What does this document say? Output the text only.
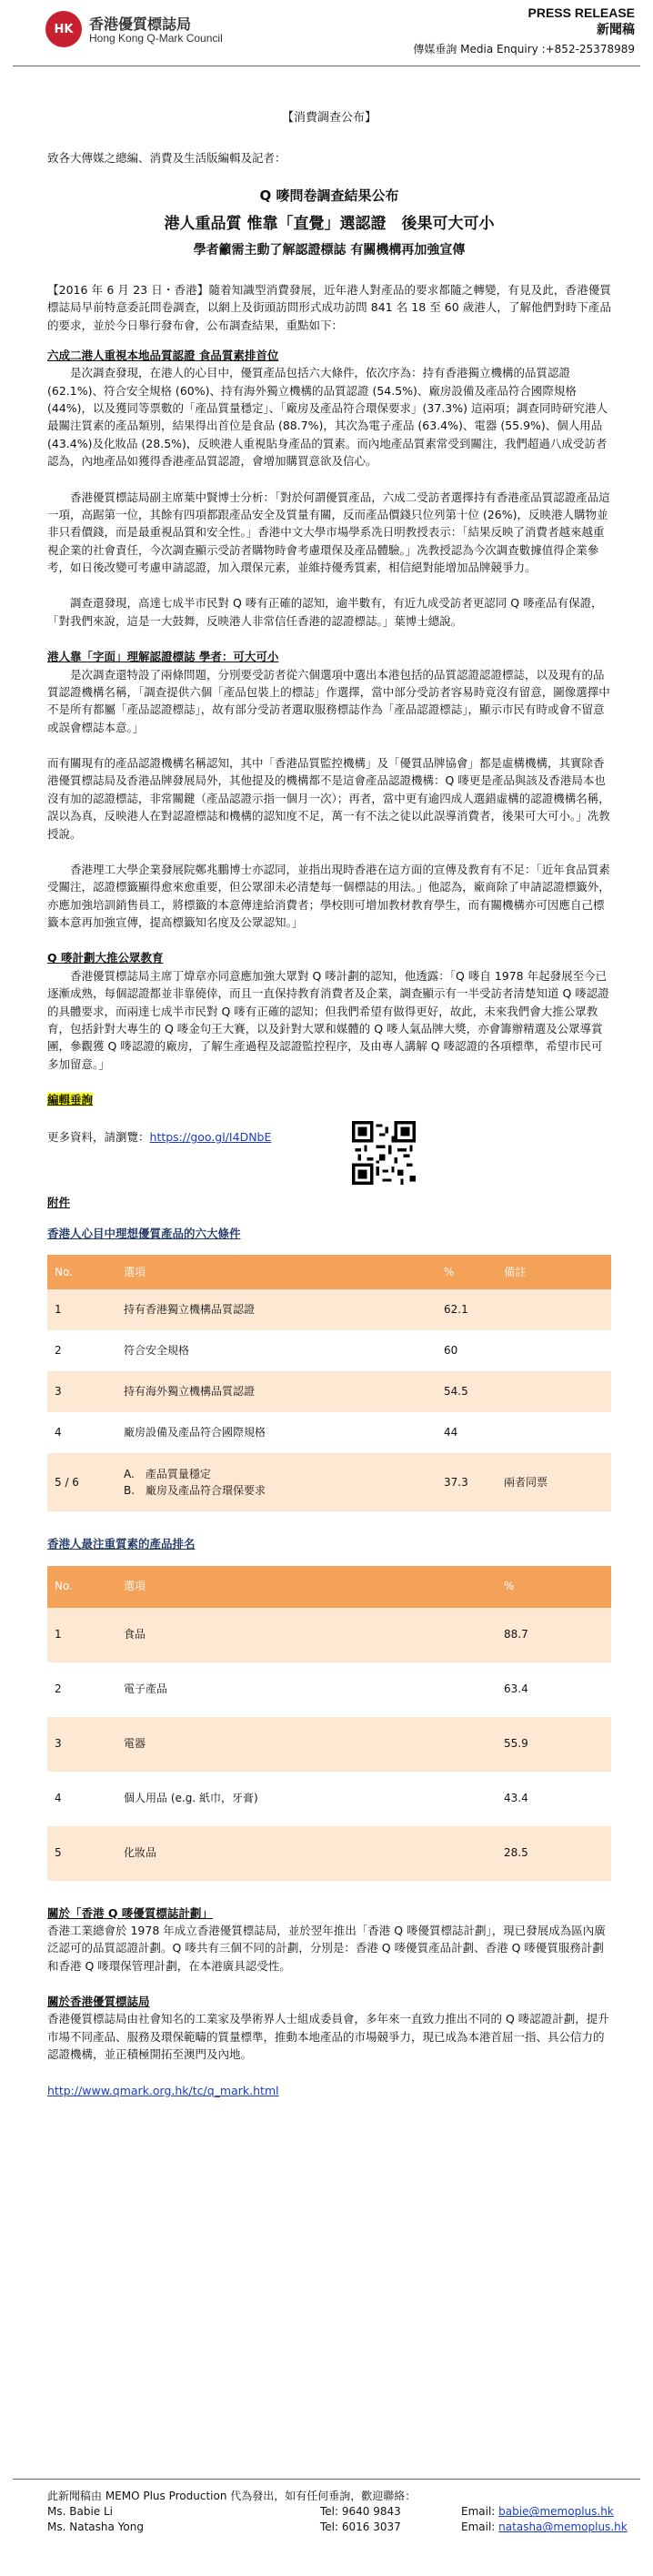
HK	香港優質標誌局
Hong Kong Q-Mark Council
PRESS RELEASE
新聞稿
傳媒垂詢 Media Enquiry :+852-25378989
【消費調查公布】
致各大傳媒之總編、消費及生活版編輯及記者：
Q 嘜問卷調查結果公布
港人重品質 惟靠「直覺」選認證　後果可大可小
學者籲需主動了解認證標誌 有關機構再加強宣傳

【2016 年 6 月 23 日・香港】隨着知識型消費發展，近年港人對產品的要求都隨之轉變，有見及此，香港優質標誌局早前特意委託問卷調查，以網上及街頭訪問形式成功訪問 841 名 18 至 60 歲港人，了解他們對時下產品的要求，並於今日舉行發布會，公布調查結果，重點如下：

六成二港人重視本地品質認證 食品質素排首位

是次調查發現，在港人的心目中，優質產品包括六大條件，依次序為：持有香港獨立機構的品質認證 (62.1%)、符合安全規格 (60%)、持有海外獨立機構的品質認證 (54.5%)、廠房設備及產品符合國際規格 (44%)，以及獲同等票數的「產品質量穩定」、「廠房及產品符合環保要求」(37.3%) 這兩項；調查同時研究港人最關注質素的產品類別，結果得出首位是食品 (88.7%)，其次為電子產品 (63.4%)、電器 (55.9%)、個人用品 (43.4%)及化妝品 (28.5%)，反映港人重視貼身產品的質素。而內地產品質素常受到關注，我們超過八成受訪者認為，內地產品如獲得香港產品質認證，會增加購買意欲及信心。

香港優質標誌局副主席葉中賢博士分析：「對於何謂優質產品，六成二受訪者選擇持有香港產品質認證產品這一項，高踞第一位，其餘有四項都跟產品安全及質量有關，反而產品價錢只位列第十位 (26%)，反映港人購物並非只看價錢，而是最重視品質和安全性。」香港中文大學市場學系冼日明教授表示：「結果反映了消費者越來越重視企業的社會責任，今次調查顯示受訪者購物時會考慮環保及產品體驗。」冼教授認為今次調查數據值得企業參考，如日後改變可考慮申請認證，加入環保元素，並維持優秀質素，相信絕對能增加品牌競爭力。

調查還發現，高達七成半市民對 Q 嘜有正確的認知，逾半數有，有近九成受訪者更認同 Q 嘜產品有保證，「對我們來說，這是一大鼓舞，反映港人非常信任香港的認證標誌。」葉博士總說。

港人靠「字面」理解認證標誌 學者：可大可小

是次調查還特設了兩條問題，分別要受訪者從六個選項中選出本港包括的品質認證認證標誌，以及現有的品質認證機構名稱，「調查提供六個「產品包裝上的標誌」作選擇，當中部分受訪者容易時竟沒有留意，圖像選擇中不是所有都屬「產品認證標誌」，故有部分受訪者選取服務標誌作為「產品認證標誌」，顯示市民有時或會不留意或誤會標誌本意。」

而有關現有的產品認證機構名稱認知，其中「香港品質監控機構」及「優質品牌協會」都是虛構機構，其實除香港優質標誌局及香港品牌發展局外，其他提及的機構都不是這會產品認證機構：Q 嘜更是產品與該及香港局本也沒有加的認證標誌，非常關鍵（產品認證示指一個月一次）；再者，當中更有逾四成人選錯虛構的認證機構名稱，誤以為真，反映港人在對認證標誌和機構的認知度不足，萬一有不法之徒以此誤導消費者，後果可大可小。」冼教授說。

香港理工大學企業發展院鄭兆鵬博士亦認同，並指出現時香港在這方面的宣傳及教育有不足：「近年食品質素受關注，認證標籤顯得愈來愈重要，但公眾卻未必清楚每一個標誌的用法。」他認為，廠商除了申請認證標籤外，亦應加強培訓銷售員工，將標籤的本意傳達給消費者；學校則可增加教材教育學生，而有關機構亦可因應自己標籤本意再加強宣傳，提高標籤知名度及公眾認知。」

Q 嘜計劃大推公眾教育

香港優質標誌局主席丁煒章亦同意應加強大眾對 Q 嘜計劃的認知，他透露：「Q 嘜自 1978 年起發展至今已逐漸成熟，每個認證都並非靠僥倖，而且一直保持教育消費者及企業，調查顯示有一半受訪者清楚知道 Q 嘜認證的具體要求，而兩達七成半市民對 Q 嘜有正確的認知；但我們希望有做得更好，故此，未來我們會大推公眾教育，包括針對大專生的 Q 嘜金句王大賽，以及針對大眾和媒體的 Q 嘜人氣品牌大獎，亦會籌辦精選及公眾導賞團，參觀獲 Q 嘜認證的廠房，了解生產過程及認證監控程序，及由專人講解 Q 嘜認證的各項標準，希望市民可多加留意。」

編輯垂詢
更多資料，請瀏覽：https://goo.gl/I4DNbE
附件
香港人心目中理想優質產品的六大條件
No.	選項	%	備註
1	持有香港獨立機構品質認證	62.1	
2	符合安全規格	60	
3	持有海外獨立機構品質認證	54.5	
4	廠房設備及產品符合國際規格	44	
5 / 6	A.　產品質量穩定
B.　廠房及產品符合環保要求	37.3	兩者同票
香港人最注重質素的產品排名
No.	選項	%
1	食品	88.7
2	電子產品	63.4
3	電器	55.9
4	個人用品 (e.g. 紙巾，牙膏)	43.4
5	化妝品	28.5
關於「香港 Q 嘜優質標誌計劃」

香港工業總會於 1978 年成立香港優質標誌局，並於翌年推出「香港 Q 嘜優質標誌計劃」，現已發展成為區內廣泛認可的品質認證計劃。Q 嘜共有三個不同的計劃，分別是：香港 Q 嘜優質產品計劃、香港 Q 嘜優質服務計劃和香港 Q 嘜環保管理計劃，在本港廣具認受性。

關於香港優質標誌局

香港優質標誌局由社會知名的工業家及學術界人士組成委員會，多年來一直致力推出不同的 Q 嘜認證計劃，提升市場不同產品、服務及環保範疇的質量標準，推動本地產品的市場競爭力，現已成為本港首屈一指、具公信力的認證機構，並正積極開拓至澳門及內地。

http://www.qmark.org.hk/tc/q_mark.html
此新聞稿由 MEMO Plus Production 代為發出，如有任何垂詢，歡迎聯絡：
Ms. Babie Li	Tel: 9640 9843	Email: babie@memoplus.hk
Ms. Natasha Yong	Tel: 6016 3037	Email: natasha@memoplus.hk
